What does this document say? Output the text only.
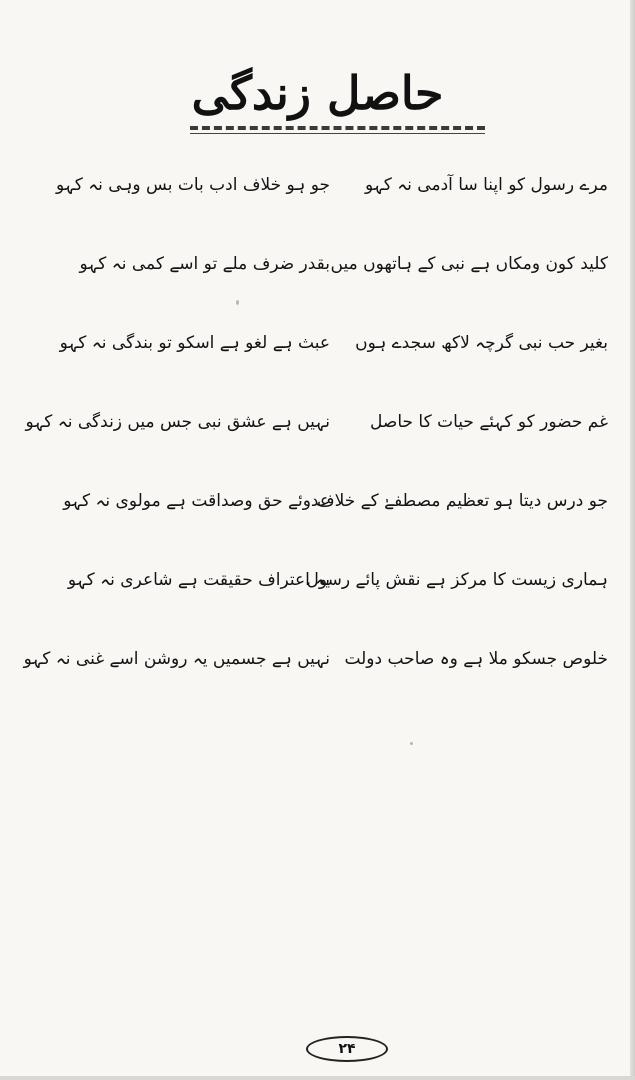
حاصل زندگی
مرے رسول کو اپنا سا آدمی نہ کہو
جو ہو خلاف ادب بات بس وہی نہ کہو
کلید کون ومکاں ہے نبی کے ہاتھوں میں
بقدر ضرف ملے تو اسے کمی نہ کہو
بغیر حب نبی گرچہ لاکھ سجدے ہوں
عبث ہے لغو ہے اسکو تو بندگی نہ کہو
غم حضور کو کہئے حیات کا حاصل
نہیں ہے عشق نبی جس میں زندگی نہ کہو
جو درس دیتا ہو تعظیم مصطفےٰ کے خلاف
عدوئے حق وصداقت ہے مولوی نہ کہو
ہماری زیست کا مرکز ہے نقش پائے رسول
یہ اعتراف حقیقت ہے شاعری نہ کہو
خلوص جسکو ملا ہے وہ صاحب دولت
نہیں ہے جسمیں یہ روشن اسے غنی نہ کہو
۲۴
